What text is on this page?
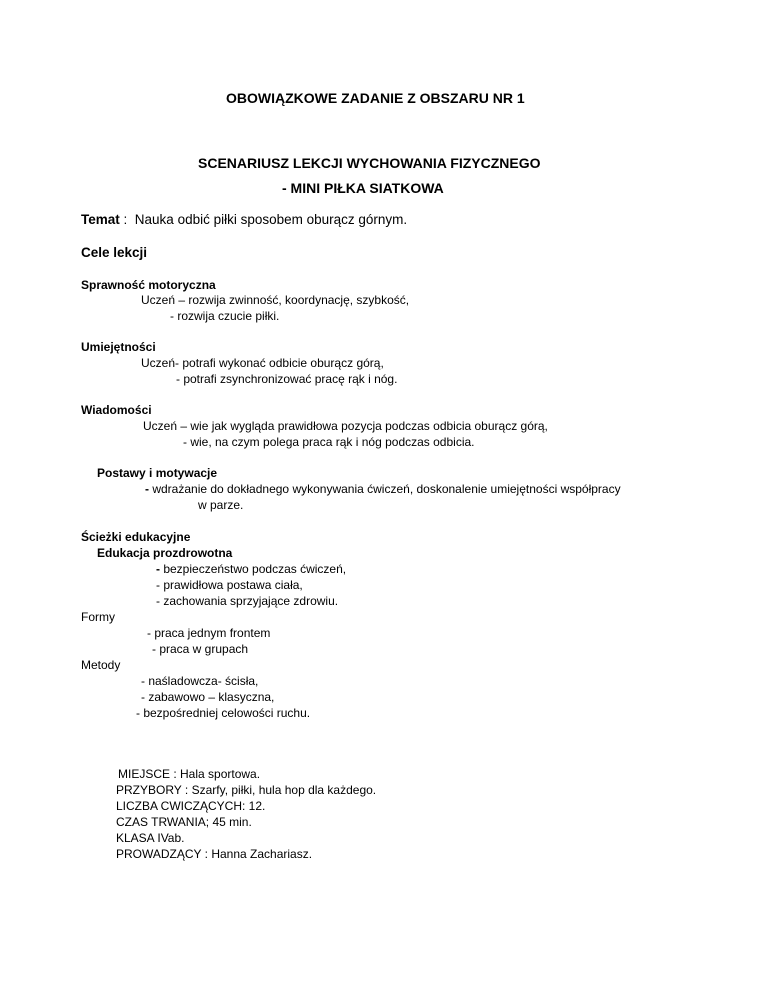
OBOWIĄZKOWE ZADANIE Z OBSZARU NR 1
SCENARIUSZ LEKCJI WYCHOWANIA FIZYCZNEGO
- MINI PIŁKA SIATKOWA
Temat : Nauka odbić piłki sposobem oburącz górnym.
Cele lekcji
Sprawność motoryczna
Uczeń – rozwija zwinność, koordynację, szybkość,
- rozwija czucie piłki.
Umiejętności
Uczeń- potrafi wykonać odbicie oburącz górą,
- potrafi zsynchronizować pracę rąk i nóg.
Wiadomości
Uczeń – wie jak wygląda prawidłowa pozycja podczas odbicia oburącz górą,
- wie, na czym polega praca rąk i nóg podczas odbicia.
Postawy i motywacje
- wdrażanie do dokładnego wykonywania ćwiczeń, doskonalenie umiejętności współpracy
w parze.
Ścieżki edukacyjne
Edukacja prozdrowotna
- bezpieczeństwo podczas ćwiczeń,
- prawidłowa postawa ciała,
- zachowania sprzyjające zdrowiu.
Formy
- praca jednym frontem
- praca w grupach
Metody
- naśladowcza- ścisła,
- zabawowo – klasyczna,
- bezpośredniej celowości ruchu.
MIEJSCE : Hala sportowa.
PRZYBORY : Szarfy, piłki, hula hop dla każdego.
LICZBA CWICZĄCYCH: 12.
CZAS TRWANIA; 45 min.
KLASA IVab.
PROWADZĄCY : Hanna Zachariasz.
